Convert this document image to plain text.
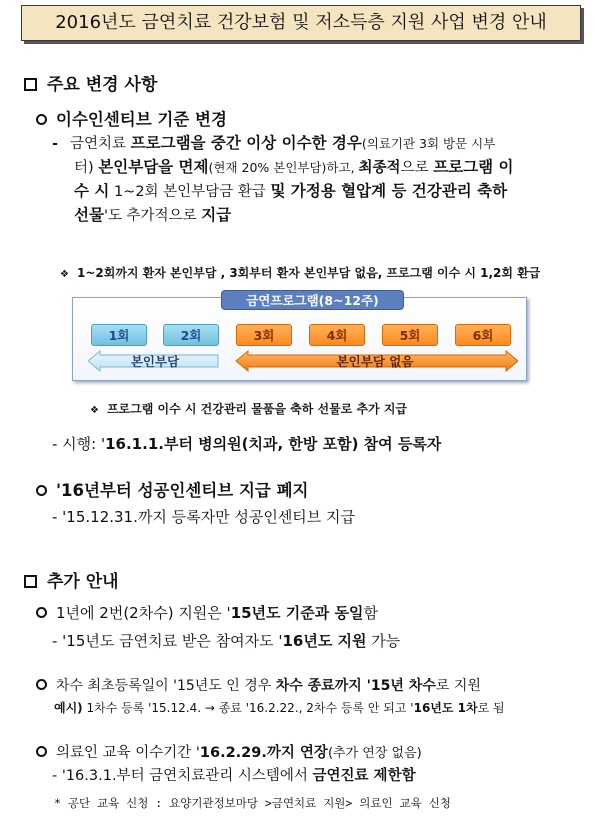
2016년도 금연치료 건강보험 및 저소득층 지원 사업 변경 안내
주요 변경 사항
이수인센티브 기준 변경
- 금연치료 프로그램을 중간 이상 이수한 경우(의료기관 3회 방문 시부
터) 본인부담을 면제(현재 20% 본인부담)하고, 최종적으로 프로그램 이
수 시 1~2회 본인부담금 환급 및 가정용 혈압계 등 건강관리 축하
선물'도 추가적으로 지급
❖ 1~2회까지 환자 본인부담 , 3회부터 환자 본인부담 없음, 프로그램 이수 시 1,2회 환급
금연프로그램(8~12주)
1회	2회	3회	4회	5회	6회
본인부담	본인부담 없음
❖ 프로그램 이수 시 건강관리 물품을 축하 선물로 추가 지급
- 시행: '16.1.1.부터 병의원(치과, 한방 포함) 참여 등록자
'16년부터 성공인센티브 지급 폐지
- '15.12.31.까지 등록자만 성공인센티브 지급
추가 안내
1년에 2번(2차수) 지원은 '15년도 기준과 동일함
- '15년도 금연치료 받은 참여자도 '16년도 지원 가능
차수 최초등록일이 '15년도 인 경우 차수 종료까지 '15년 차수로 지원
예시) 1차수 등록 '15.12.4. → 종료 '16.2.22., 2차수 등록 안 되고 '16년도 1차로 됨
의료인 교육 이수기간 '16.2.29.까지 연장(추가 연장 없음)
- '16.3.1.부터 금연치료관리 시스템에서 금연진료 제한함
* 공단 교육 신청 : 요양기관정보마당 >금연치료 지원> 의료인 교육 신청
